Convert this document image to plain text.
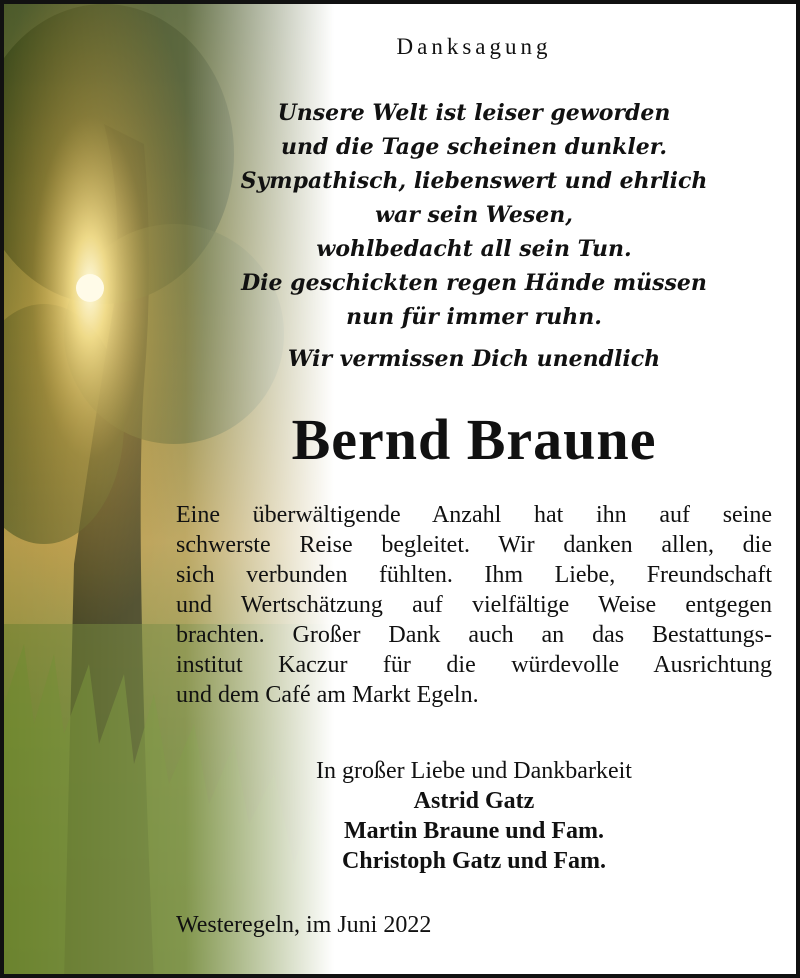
Danksagung
Unsere Welt ist leiser geworden
und die Tage scheinen dunkler.
Sympathisch, liebenswert und ehrlich
war sein Wesen,
wohlbedacht all sein Tun.
Die geschickten regen Hände müssen
nun für immer ruhn.
Wir vermissen Dich unendlich
Bernd Braune
Eine überwältigende Anzahl hat ihn auf seine
schwerste Reise begleitet. Wir danken allen, die
sich verbunden fühlten. Ihm Liebe, Freundschaft
und Wertschätzung auf vielfältige Weise entgegen
brachten. Großer Dank auch an das Bestattungs-
institut Kaczur für die würdevolle Ausrichtung
und dem Café am Markt Egeln.
In großer Liebe und Dankbarkeit
Astrid Gatz
Martin Braune und Fam.
Christoph Gatz und Fam.
Westeregeln, im Juni 2022
